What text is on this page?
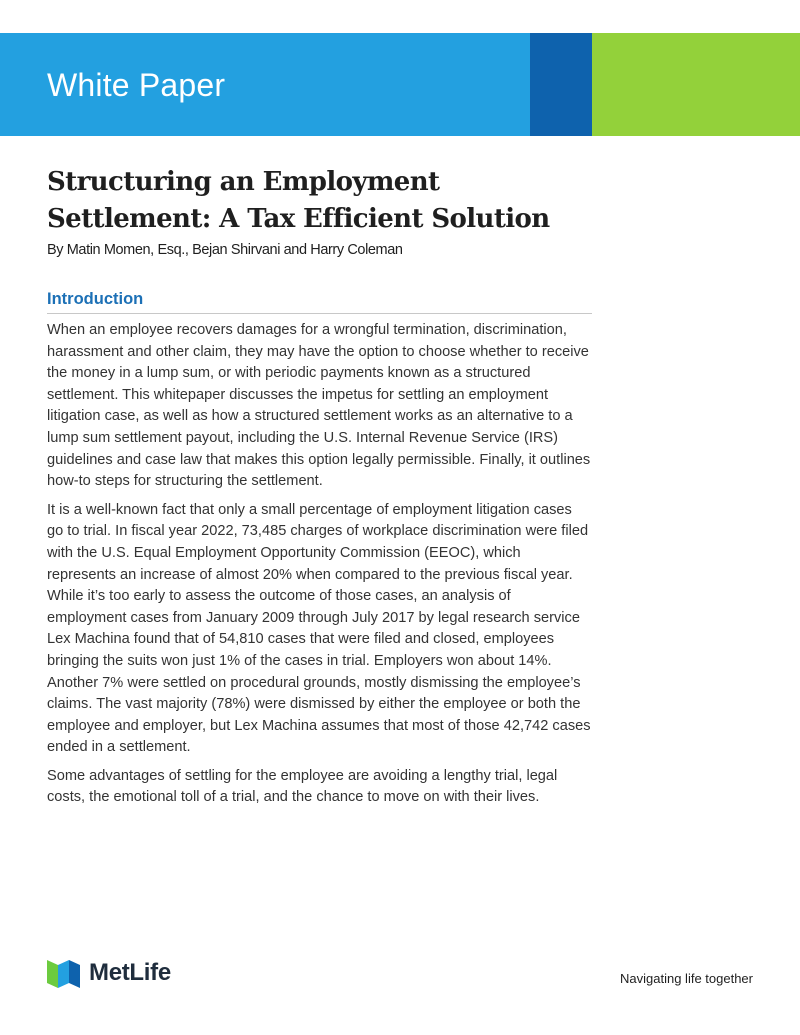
White Paper
Structuring an Employment Settlement: A Tax Efficient Solution

By Matin Momen, Esq., Bejan Shirvani and Harry Coleman

Introduction

When an employee recovers damages for a wrongful termination, discrimination, harassment and other claim, they may have the option to choose whether to receive the money in a lump sum, or with periodic payments known as a structured settlement. This whitepaper discusses the impetus for settling an employment litigation case, as well as how a structured settlement works as an alternative to a lump sum settlement payout, including the U.S. Internal Revenue Service (IRS) guidelines and case law that makes this option legally permissible. Finally, it outlines how-to steps for structuring the settlement.

It is a well-known fact that only a small percentage of employment litigation cases go to trial. In fiscal year 2022, 73,485 charges of workplace discrimination were filed with the U.S. Equal Employment Opportunity Commission (EEOC), which represents an increase of almost 20% when compared to the previous fiscal year. While it’s too early to assess the outcome of those cases, an analysis of employment cases from January 2009 through July 2017 by legal research service Lex Machina found that of 54,810 cases that were filed and closed, employees bringing the suits won just 1% of the cases in trial. Employers won about 14%. Another 7% were settled on procedural grounds, mostly dismissing the employee’s claims. The vast majority (78%) were dismissed by either the employee or both the employee and employer, but Lex Machina assumes that most of those 42,742 cases ended in a settlement.

Some advantages of settling for the employee are avoiding a lengthy trial, legal costs, the emotional toll of a trial, and the chance to move on with their lives.

MetLife	Navigating life together
